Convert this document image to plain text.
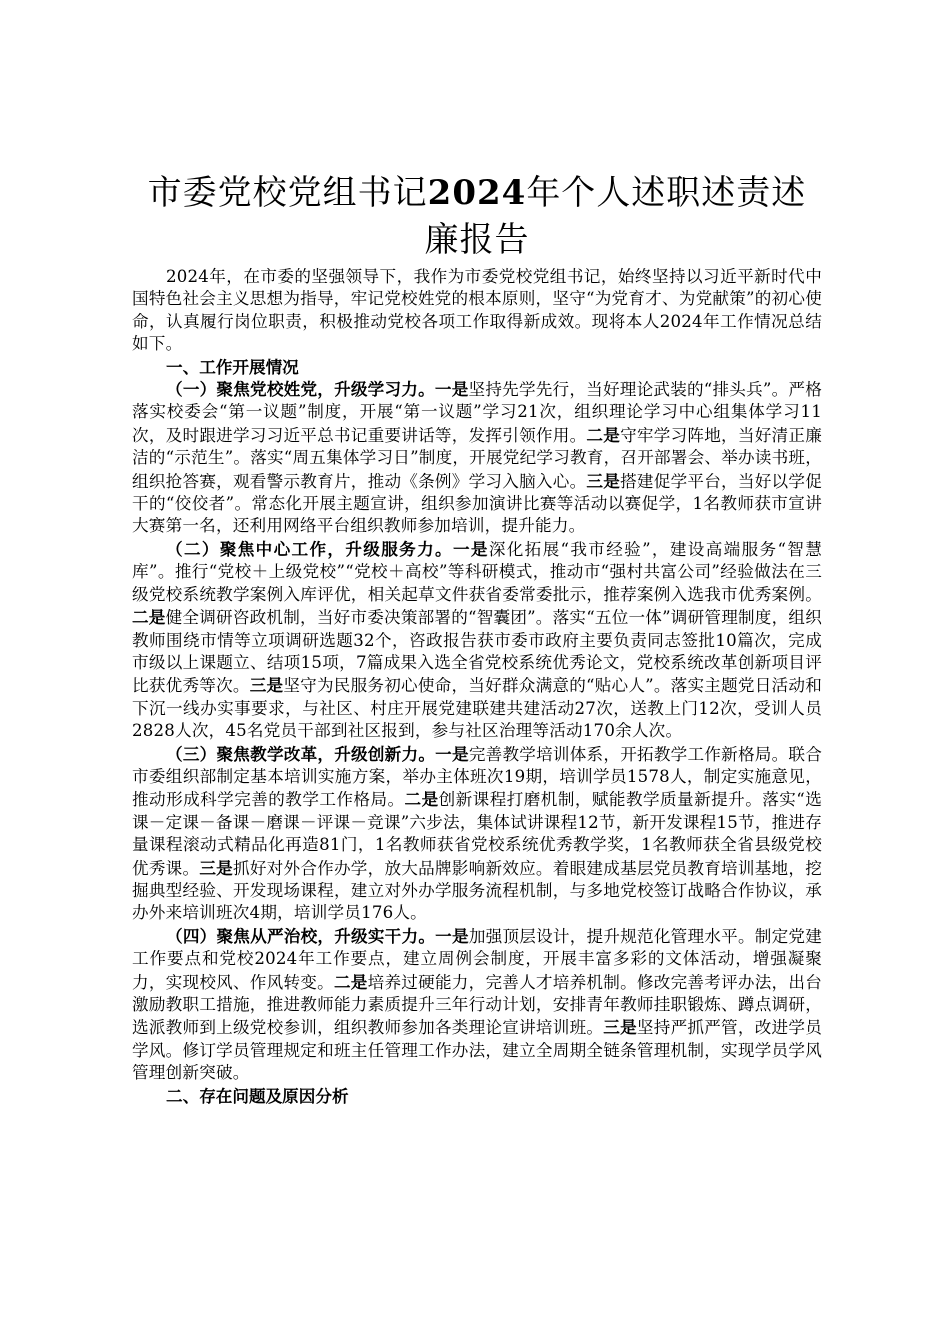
市委党校党组书记2024年个人述职述责述廉报告

2024年，在市委的坚强领导下，我作为市委党校党组书记，始终坚持以习近平新时代中国特色社会主义思想为指导，牢记党校姓党的根本原则，坚守“为党育才、为党献策”的初心使命，认真履行岗位职责，积极推动党校各项工作取得新成效。现将本人2024年工作情况总结如下。

一、工作开展情况

（一）聚焦党校姓党，升级学习力。一是坚持先学先行，当好理论武装的“排头兵”。严格落实校委会“第一议题”制度，开展“第一议题”学习21次，组织理论学习中心组集体学习11次，及时跟进学习习近平总书记重要讲话等，发挥引领作用。二是守牢学习阵地，当好清正廉洁的“示范生”。落实“周五集体学习日”制度，开展党纪学习教育，召开部署会、举办读书班，组织抢答赛，观看警示教育片，推动《条例》学习入脑入心。三是搭建促学平台，当好以学促干的“佼佼者”。常态化开展主题宣讲，组织参加演讲比赛等活动以赛促学，1名教师获市宣讲大赛第一名，还利用网络平台组织教师参加培训，提升能力。

（二）聚焦中心工作，升级服务力。一是深化拓展“我市经验”，建设高端服务“智慧库”。推行“党校＋上级党校”“党校＋高校”等科研模式，推动市“强村共富公司”经验做法在三级党校系统教学案例入库评优，相关起草文件获省委常委批示，推荐案例入选我市优秀案例。二是健全调研咨政机制，当好市委决策部署的“智囊团”。落实“五位一体”调研管理制度，组织教师围绕市情等立项调研选题32个，咨政报告获市委市政府主要负责同志签批10篇次，完成市级以上课题立、结项15项，7篇成果入选全省党校系统优秀论文，党校系统改革创新项目评比获优秀等次。三是坚守为民服务初心使命，当好群众满意的“贴心人”。落实主题党日活动和下沉一线办实事要求，与社区、村庄开展党建联建共建活动27次，送教上门12次，受训人员2828人次，45名党员干部到社区报到，参与社区治理等活动170余人次。

（三）聚焦教学改革，升级创新力。一是完善教学培训体系，开拓教学工作新格局。联合市委组织部制定基本培训实施方案，举办主体班次19期，培训学员1578人，制定实施意见，推动形成科学完善的教学工作格局。二是创新课程打磨机制，赋能教学质量新提升。落实“选课－定课－备课－磨课－评课－竞课”六步法，集体试讲课程12节，新开发课程15节，推进存量课程滚动式精品化再造81门，1名教师获省党校系统优秀教学奖，1名教师获全省县级党校优秀课。三是抓好对外合作办学，放大品牌影响新效应。着眼建成基层党员教育培训基地，挖掘典型经验、开发现场课程，建立对外办学服务流程机制，与多地党校签订战略合作协议，承办外来培训班次4期，培训学员176人。

（四）聚焦从严治校，升级实干力。一是加强顶层设计，提升规范化管理水平。制定党建工作要点和党校2024年工作要点，建立周例会制度，开展丰富多彩的文体活动，增强凝聚力，实现校风、作风转变。二是培养过硬能力，完善人才培养机制。修改完善考评办法，出台激励教职工措施，推进教师能力素质提升三年行动计划，安排青年教师挂职锻炼、蹲点调研，选派教师到上级党校参训，组织教师参加各类理论宣讲培训班。三是坚持严抓严管，改进学员学风。修订学员管理规定和班主任管理工作办法，建立全周期全链条管理机制，实现学员学风管理创新突破。

二、存在问题及原因分析
